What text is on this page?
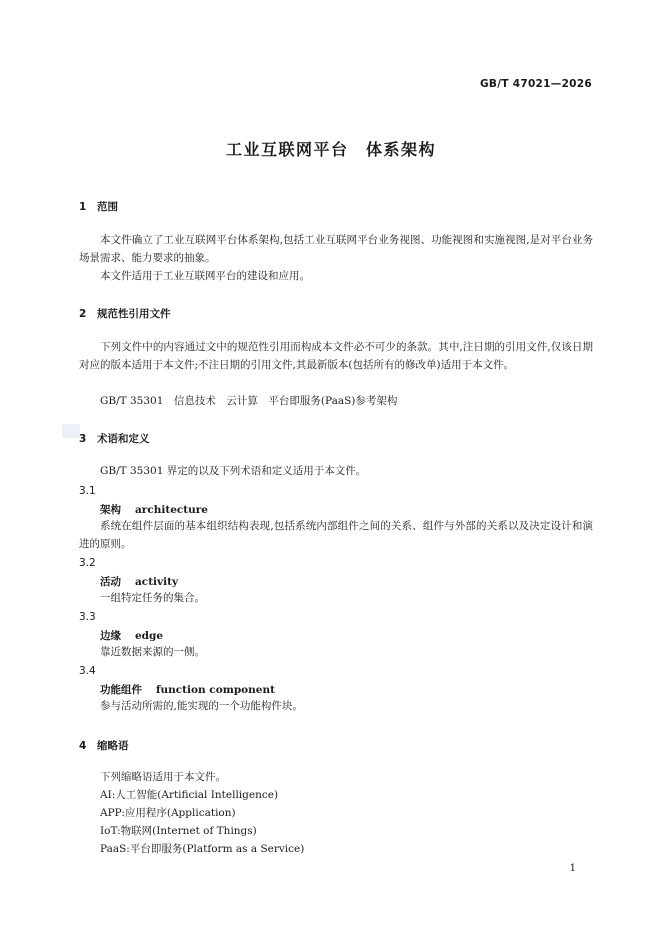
GB/T 47021—2026
工业互联网平台　体系架构
1 范围
本文件确立了工业互联网平台体系架构,包括工业互联网平台业务视图、功能视图和实施视图,是对平台业务场景需求、能力要求的抽象。
本文件适用于工业互联网平台的建设和应用。
2 规范性引用文件
下列文件中的内容通过文中的规范性引用而构成本文件必不可少的条款。其中,注日期的引用文件,仅该日期对应的版本适用于本文件;不注日期的引用文件,其最新版本(包括所有的修改单)适用于本文件。
GB/T 35301　信息技术　云计算　平台即服务(PaaS)参考架构
3 术语和定义
GB/T 35301 界定的以及下列术语和定义适用于本文件。
3.1
架构 architecture
系统在组件层面的基本组织结构表现,包括系统内部组件之间的关系、组件与外部的关系以及决定设计和演进的原则。
3.2
活动 activity
一组特定任务的集合。
3.3
边缘 edge
靠近数据来源的一侧。
3.4
功能组件 function component
参与活动所需的,能实现的一个功能构件块。
4 缩略语
下列缩略语适用于本文件。
AI:人工智能(Artificial Intelligence)
APP:应用程序(Application)
IoT:物联网(Internet of Things)
PaaS:平台即服务(Platform as a Service)
1
